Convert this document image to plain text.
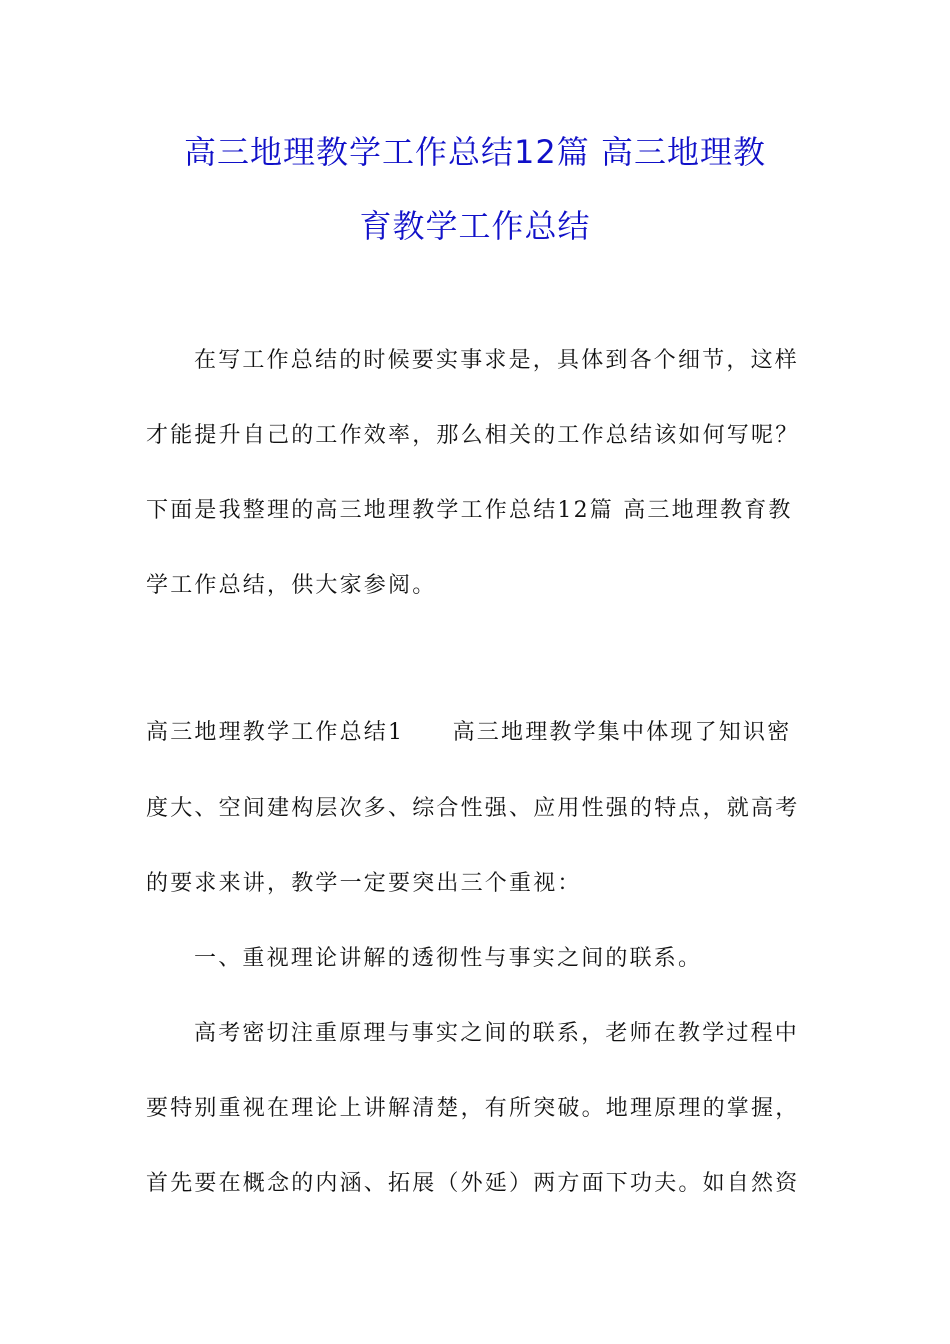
高三地理教学工作总结12篇 高三地理教
育教学工作总结
在写工作总结的时候要实事求是，具体到各个细节，这样
才能提升自己的工作效率，那么相关的工作总结该如何写呢？
下面是我整理的高三地理教学工作总结12篇 高三地理教育教
学工作总结，供大家参阅。
高三地理教学工作总结1　　高三地理教学集中体现了知识密
度大、空间建构层次多、综合性强、应用性强的特点，就高考
的要求来讲，教学一定要突出三个重视：
一、重视理论讲解的透彻性与事实之间的联系。
高考密切注重原理与事实之间的联系，老师在教学过程中
要特别重视在理论上讲解清楚，有所突破。地理原理的掌握，
首先要在概念的内涵、拓展（外延）两方面下功夫。如自然资
